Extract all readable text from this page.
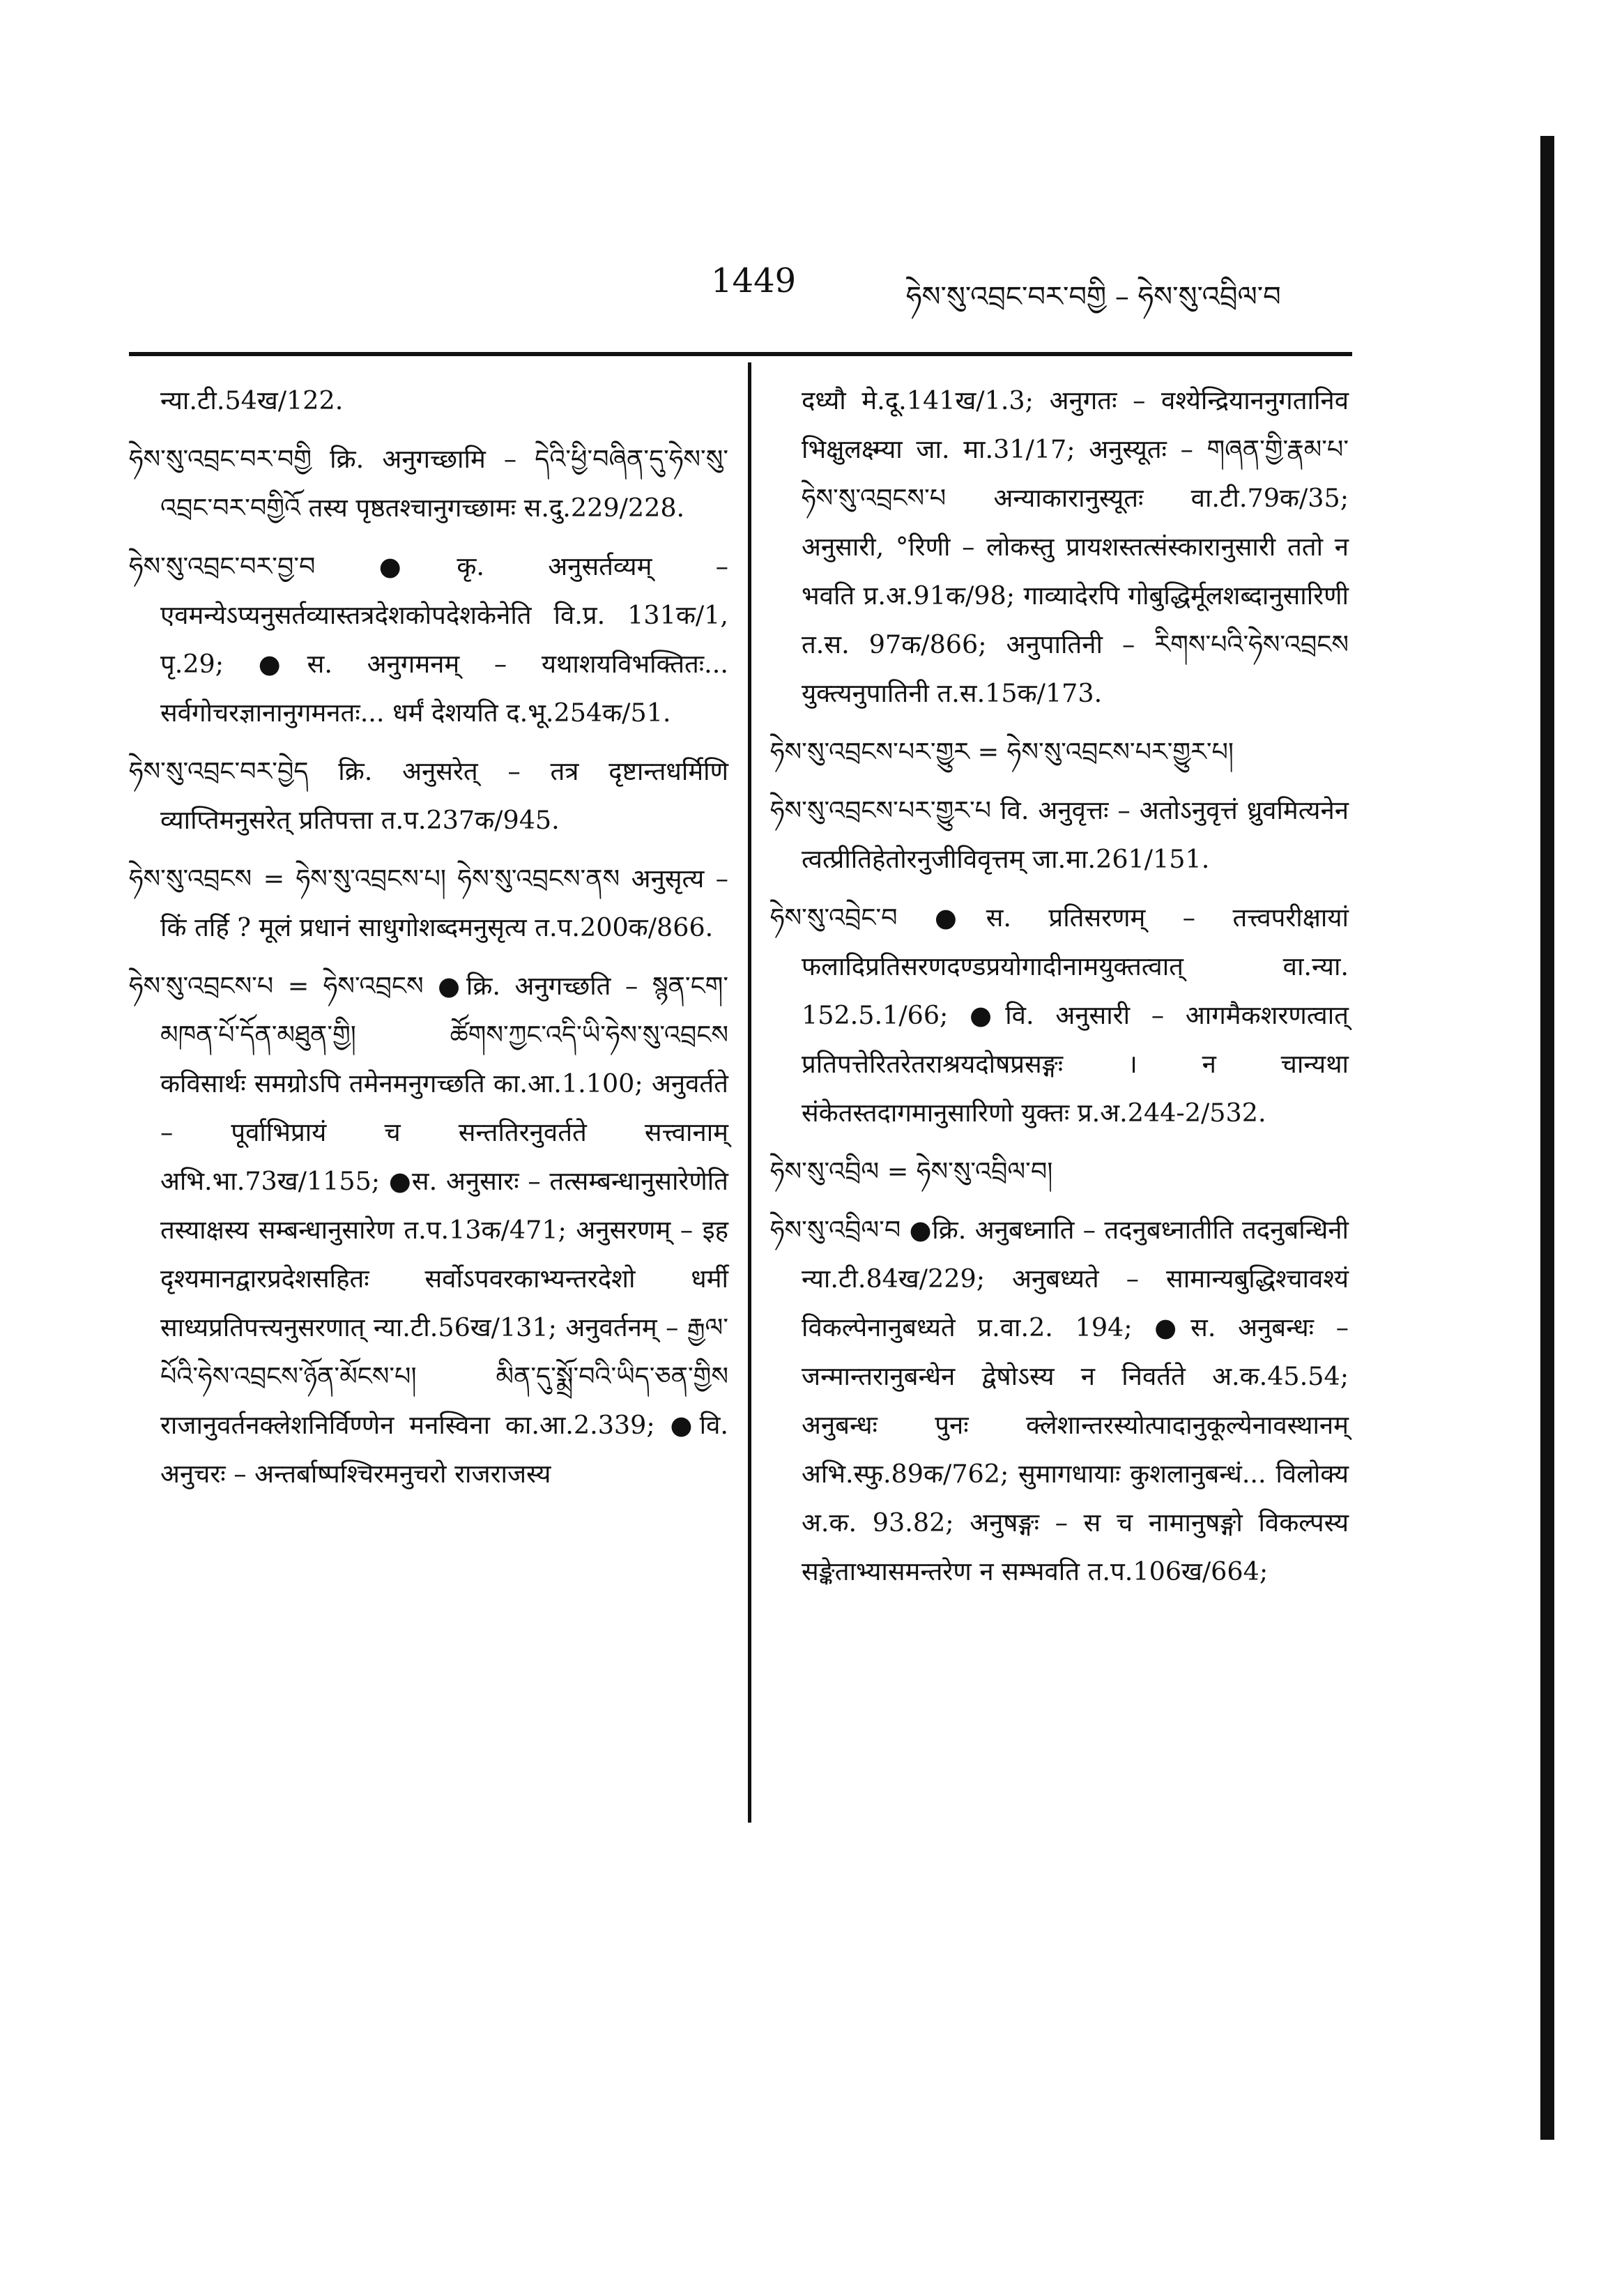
1449	ཧེས་སུ་འབྲང་བར་བགྱི – ཧེས་སུ་འབྲིལ་བ

न्या.टी.54ख/122.

ཧེས་སུ་འབྲང་བར་བགྱི क्रि. अनुगच्छामि – དེའི་ཕྱི་བཞིན་དུ་ཧེས་སུ་འབྲང་བར་བགྱིའོ तस्य पृष्ठतश्चानुगच्छामः स.दु.229/228.

ཧེས་སུ་འབྲང་བར་བྱ་བ ●कृ. अनुसर्तव्यम् – एवमन्येऽप्यनुसर्तव्यास्तत्रदेशकोपदेशकेनेति वि.प्र. 131क/1, पृ.29; ●स. अनुगमनम् – यथाशयविभक्तितः... सर्वगोचरज्ञानानुगमनतः... धर्मं देशयति द.भू.254क/51.

ཧེས་སུ་འབྲང་བར་བྱེད क्रि. अनुसरेत् – तत्र दृष्टान्तधर्मिणि व्याप्तिमनुसरेत् प्रतिपत्ता त.प.237क/945.

ཧེས་སུ་འབྲངས = ཧེས་སུ་འབྲངས་པ། ཧེས་སུ་འབྲངས་ནས अनुसृत्य – किं तर्हि ? मूलं प्रधानं साधुगोशब्दमनुसृत्य त.प.200क/866.

ཧེས་སུ་འབྲངས་པ = ཧེས་འབྲངས ●क्रि. अनुगच्छति – སྙན་ངག་མཁན་པོ་དོན་མཐུན་གྱི། ཚོགས་ཀྱང་འདི་ཡི་ཧེས་སུ་འབྲངས कविसार्थः समग्रोऽपि तमेनमनुगच्छति का.आ.1.100; अनुवर्तते – पूर्वाभिप्रायं च सन्ततिरनुवर्तते सत्त्वानाम् अभि.भा.73ख/1155; ●स. अनुसारः – तत्सम्बन्धानुसारेणेति तस्याक्षस्य सम्बन्धानुसारेण त.प.13क/471; अनुसरणम् – इह दृश्यमानद्वारप्रदेशसहितः सर्वोऽपवरकाभ्यन्तरदेशो धर्मी साध्यप्रतिपत्त्यनुसरणात् न्या.टी.56ख/131; अनुवर्तनम् – རྒྱལ་པོའི་ཧེས་འབྲངས་ཉོན་མོངས་པ། མིན་དུ་སྨྲོ་བའི་ཡིད་ཅན་གྱིས राजानुवर्तनक्लेशनिर्विण्णेन मनस्विना का.आ.2.339; ●वि. अनुचरः – अन्तर्बाष्पश्चिरमनुचरो राजराजस्य

दध्यौ मे.दू.141ख/1.3; अनुगतः – वश्येन्द्रियाननुगतानिव भिक्षुलक्ष्म्या जा. मा.31/17; अनुस्यूतः – གཞན་གྱི་རྣམ་པ་ཧེས་སུ་འབྲངས་པ अन्याकारानुस्यूतः वा.टी.79क/35; अनुसारी, °रिणी – लोकस्तु प्रायशस्तत्संस्कारानुसारी ततो न भवति प्र.अ.91क/98; गाव्यादेरपि गोबुद्धिर्मूलशब्दानुसारिणी त.स. 97क/866; अनुपातिनी – རིགས་པའི་ཧེས་འབྲངས युक्त्यनुपातिनी त.स.15क/173.

ཧེས་སུ་འབྲངས་པར་གྱུར = ཧེས་སུ་འབྲངས་པར་གྱུར་པ།

ཧེས་སུ་འབྲངས་པར་གྱུར་པ वि. अनुवृत्तः – अतोऽनुवृत्तं ध्रुवमित्यनेन त्वत्प्रीतिहेतोरनुजीविवृत्तम् जा.मा.261/151.

ཧེས་སུ་འབྲེང་བ ●स. प्रतिसरणम् – तत्त्वपरीक्षायां फलादिप्रतिसरणदण्डप्रयोगादीनामयुक्तत्वात् वा.न्या. 152.5.1/66; ●वि. अनुसारी – आगमैकशरणत्वात् प्रतिपत्तेरितरेतराश्रयदोषप्रसङ्गः । न चान्यथा संकेतस्तदागमानुसारिणो युक्तः प्र.अ.244-2/532.

ཧེས་སུ་འབྲིལ = ཧེས་སུ་འབྲིལ་བ།

ཧེས་སུ་འབྲིལ་བ ●क्रि. अनुबध्नाति – तदनुबध्नातीति तदनुबन्धिनी न्या.टी.84ख/229; अनुबध्यते – सामान्यबुद्धिश्चावश्यं विकल्पेनानुबध्यते प्र.वा.2. 194; ●स. अनुबन्धः – जन्मान्तरानुबन्धेन द्वेषोऽस्य न निवर्तते अ.क.45.54; अनुबन्धः पुनः क्लेशान्तरस्योत्पादानुकूल्येनावस्थानम् अभि.स्फु.89क/762; सुमागधायाः कुशलानुबन्धं... विलोक्य अ.क. 93.82; अनुषङ्गः – स च नामानुषङ्गो विकल्पस्य सङ्केताभ्यासमन्तरेण न सम्भवति त.प.106ख/664;
